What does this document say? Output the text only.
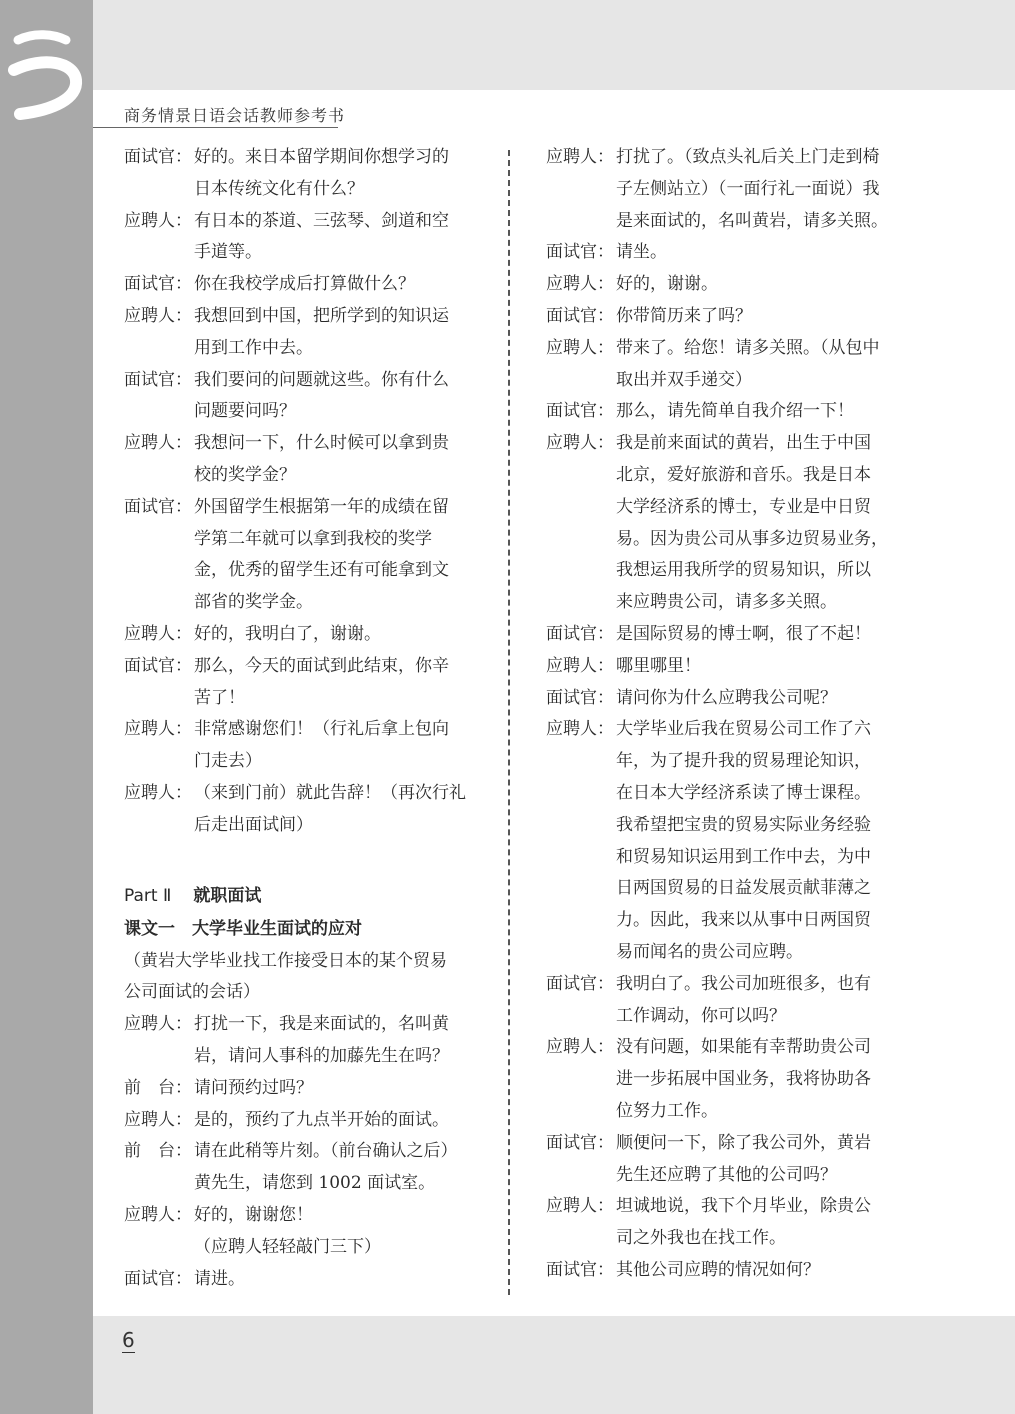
商务情景日语会话教师参考书
面试官： 好的。来日本留学期间你想学习的
日本传统文化有什么？
应聘人： 有日本的茶道、三弦琴、剑道和空
手道等。
面试官： 你在我校学成后打算做什么？
应聘人： 我想回到中国，把所学到的知识运
用到工作中去。
面试官： 我们要问的问题就这些。你有什么
问题要问吗？
应聘人： 我想问一下，什么时候可以拿到贵
校的奖学金？
面试官： 外国留学生根据第一年的成绩在留
学第二年就可以拿到我校的奖学
金，优秀的留学生还有可能拿到文
部省的奖学金。
应聘人： 好的，我明白了，谢谢。
面试官： 那么，今天的面试到此结束，你辛
苦了！
应聘人： 非常感谢您们！（行礼后拿上包向
门走去）
应聘人： （来到门前）就此告辞！（再次行礼
后走出面试间）
Part Ⅱ 就职面试
课文一　大学毕业生面试的应对
（黄岩大学毕业找工作接受日本的某个贸易
公司面试的会话）
应聘人： 打扰一下，我是来面试的，名叫黄
岩，请问人事科的加藤先生在吗？
前　台： 请问预约过吗？
应聘人： 是的，预约了九点半开始的面试。
前　台： 请在此稍等片刻。（前台确认之后）
黄先生，请您到 1002 面试室。
应聘人： 好的，谢谢您！
（应聘人轻轻敲门三下）
面试官： 请进。
应聘人： 打扰了。（致点头礼后关上门走到椅
子左侧站立）（一面行礼一面说）我
是来面试的，名叫黄岩，请多关照。
面试官： 请坐。
应聘人： 好的，谢谢。
面试官： 你带简历来了吗？
应聘人： 带来了。给您！请多关照。（从包中
取出并双手递交）
面试官： 那么，请先简单自我介绍一下！
应聘人： 我是前来面试的黄岩，出生于中国
北京，爱好旅游和音乐。我是日本
大学经济系的博士，专业是中日贸
易。因为贵公司从事多边贸易业务，
我想运用我所学的贸易知识，所以
来应聘贵公司，请多多关照。
面试官： 是国际贸易的博士啊，很了不起！
应聘人： 哪里哪里！
面试官： 请问你为什么应聘我公司呢？
应聘人： 大学毕业后我在贸易公司工作了六
年，为了提升我的贸易理论知识，
在日本大学经济系读了博士课程。
我希望把宝贵的贸易实际业务经验
和贸易知识运用到工作中去，为中
日两国贸易的日益发展贡献菲薄之
力。因此，我来以从事中日两国贸
易而闻名的贵公司应聘。
面试官： 我明白了。我公司加班很多，也有
工作调动，你可以吗？
应聘人： 没有问题，如果能有幸帮助贵公司
进一步拓展中国业务，我将协助各
位努力工作。
面试官： 顺便问一下，除了我公司外，黄岩
先生还应聘了其他的公司吗？
应聘人： 坦诚地说，我下个月毕业，除贵公
司之外我也在找工作。
面试官： 其他公司应聘的情况如何？
6
